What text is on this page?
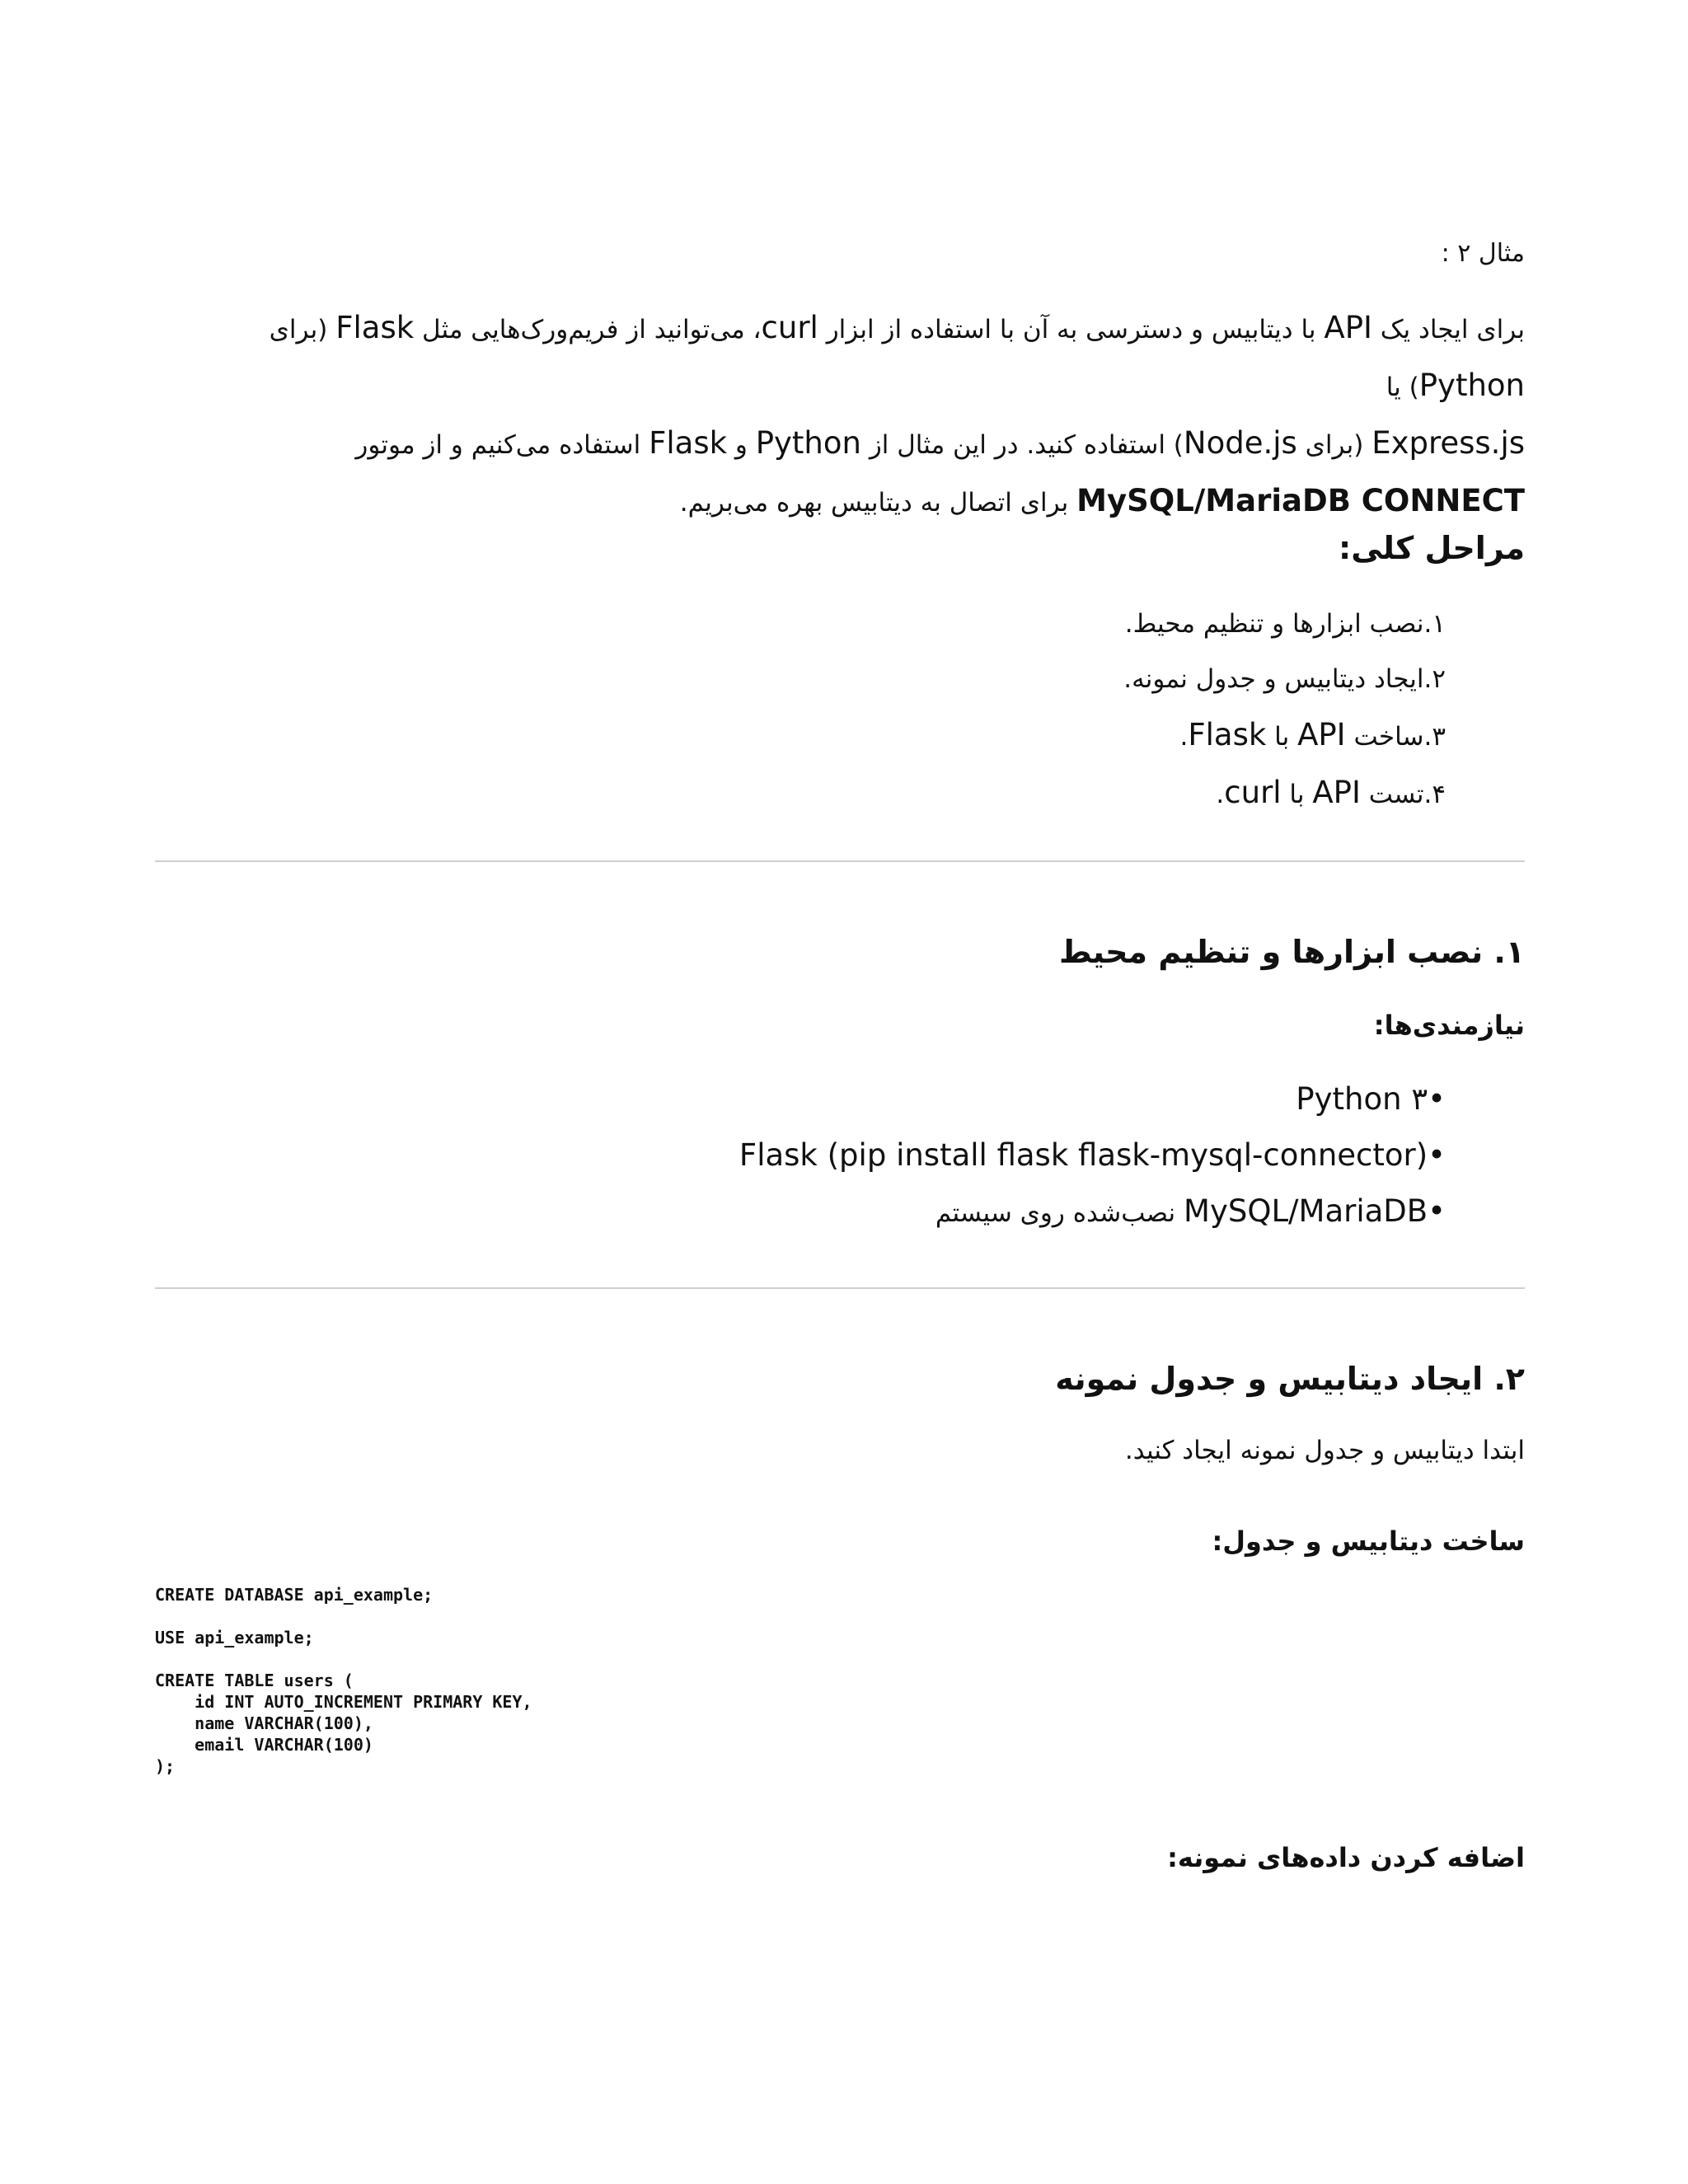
مثال ۲ :
برای ایجاد یک API با دیتابیس و دسترسی به آن با استفاده از ابزار curl، می‌توانید از فریم‌ورک‌هایی مثل Flask (برای Python) یا
Express.js (برای Node.js) استفاده کنید. در این مثال از Python و Flask استفاده می‌کنیم و از موتور
MySQL/MariaDB CONNECT برای اتصال به دیتابیس بهره می‌بریم.
مراحل کلی:
۱.نصب ابزارها و تنظیم محیط.
۲.ایجاد دیتابیس و جدول نمونه.
۳.ساخت API با Flask.
۴.تست API با curl.
۱. نصب ابزارها و تنظیم محیط
نیازمندی‌ها:
•Python ۳
•Flask (pip install flask flask-mysql-connector)
•MySQL/MariaDB نصب‌شده روی سیستم
۲. ایجاد دیتابیس و جدول نمونه
ابتدا دیتابیس و جدول نمونه ایجاد کنید.
ساخت دیتابیس و جدول:
CREATE DATABASE api_example;

USE api_example;

CREATE TABLE users (
id INT AUTO_INCREMENT PRIMARY KEY,
name VARCHAR(100),
email VARCHAR(100)
);
اضافه کردن داده‌های نمونه:
